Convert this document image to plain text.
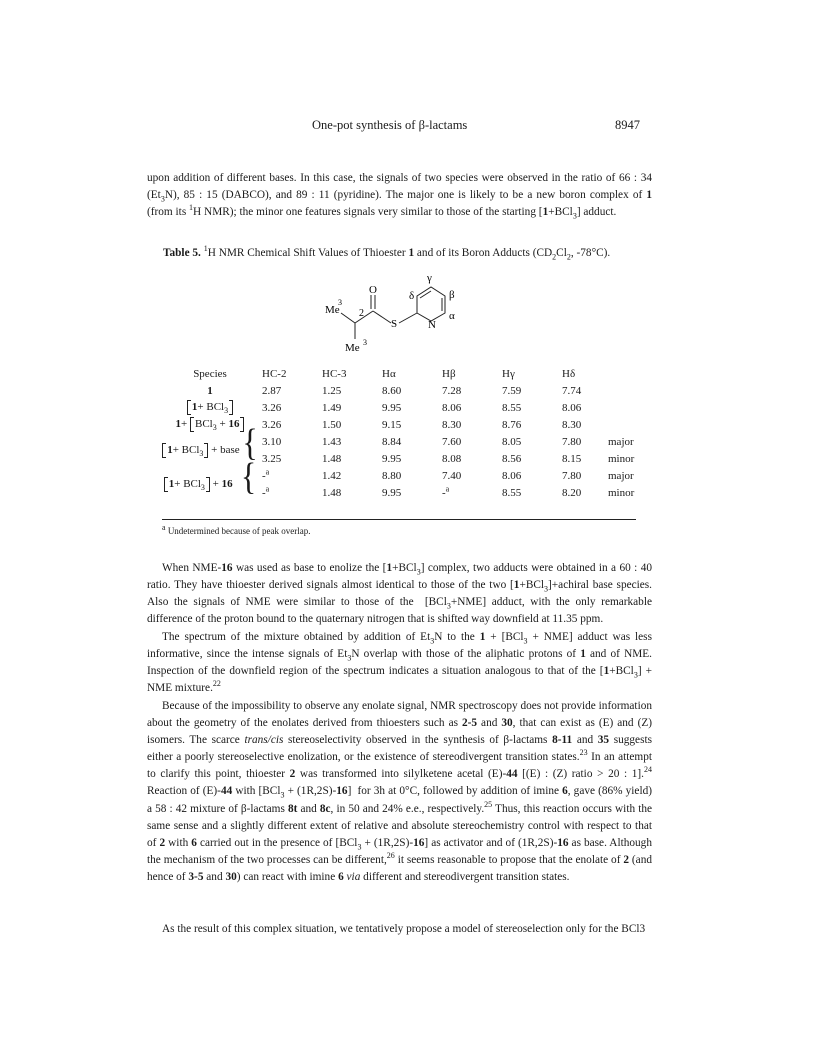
One-pot synthesis of β-lactams	8947
upon addition of different bases. In this case, the signals of two species were observed in the ratio of 66 : 34 $(Et_3N)$, 85 : 15 (DABCO), and 89 : 11 (pyridine). The major one is likely to be a new boron complex of 1 (from its $^1$H NMR); the minor one features signals very similar to those of the starting [1+BCl$_3$] adduct.
Table 5. $^1$H NMR Chemical Shift Values of Thioester 1 and of its Boron Adducts ($CD_2Cl_2$, -78°C).
O
S	N
Me
3
2
Me 3
γ
δ	β
α
Species	HC-2	HC-3	Hα	Hβ	Hγ	Hδ	
1	2.87	1.25	8.60	7.28	7.59	7.74	
1+ BCl$_3$	3.26	1.49	9.95	8.06	8.55	8.06	
1+ BCl$_3$ + 16	3.26	1.50	9.15	8.30	8.76	8.30	
1+ BCl$_3$ + base {	3.10	1.43	8.84	7.60	8.05	7.80	major
	3.25	1.48	9.95	8.08	8.56	8.15	minor
1+ BCl$_3$ + 16 {	-$^a$	1.42	8.80	7.40	8.06	7.80	major
	-$^a$	1.48	9.95	-$^a$	8.55	8.20	minor
$^a$ Undetermined because of peak overlap.
When NME-16 was used as base to enolize the [1+BCl$_3$] complex, two adducts were obtained in a 60 : 40 ratio. They have thioester derived signals almost identical to those of the two [1+BCl$_3$]+achiral base species. Also the signals of NME were similar to those of the  [BCl$_3$+NME] adduct, with the only remarkable difference of the proton bound to the quaternary nitrogen that is shifted way downfield at 11.35 ppm.
The spectrum of the mixture obtained by addition of $Et_3N$ to the 1 + [BCl$_3$ + NME] adduct was less informative, since the intense signals of $Et_3N$ overlap with those of the aliphatic protons of 1 and of NME. Inspection of the downfield region of the spectrum indicates a situation analogous to that of the [1+BCl$_3$] + NME mixture.$^{22}$
Because of the impossibility to observe any enolate signal, NMR spectroscopy does not provide information about the geometry of the enolates derived from thioesters such as 2-5 and 30, that can exist as (E) and (Z) isomers. The scarce trans/cis stereoselectivity observed in the synthesis of β-lactams 8-11 and 35 suggests either a poorly stereoselective enolization, or the existence of stereodivergent transition states.$^{23}$ In an attempt to clarify this point, thioester 2 was transformed into silylketene acetal (E)-44 [(E) : (Z) ratio > 20 : 1].$^{24}$ Reaction of (E)-44 with [BCl$_3$ + (1R,2S)-16]  for 3h at 0°C, followed by addition of imine 6, gave (86% yield) a 58 : 42 mixture of β-lactams 8t and 8c, in 50 and 24% e.e., respectively.$^{25}$ Thus, this reaction occurs with the same sense and a slightly different extent of relative and absolute stereochemistry control with respect to that of 2 with 6 carried out in the presence of [BCl$_3$ + (1R,2S)-16] as activator and of (1R,2S)-16 as base. Although the mechanism of the two processes can be different,$^{26}$ it seems reasonable to propose that the enolate of 2 (and hence of 3-5 and 30) can react with imine 6 via different and stereodivergent transition states.
As the result of this complex situation, we tentatively propose a model of stereoselection only for the BCl3
